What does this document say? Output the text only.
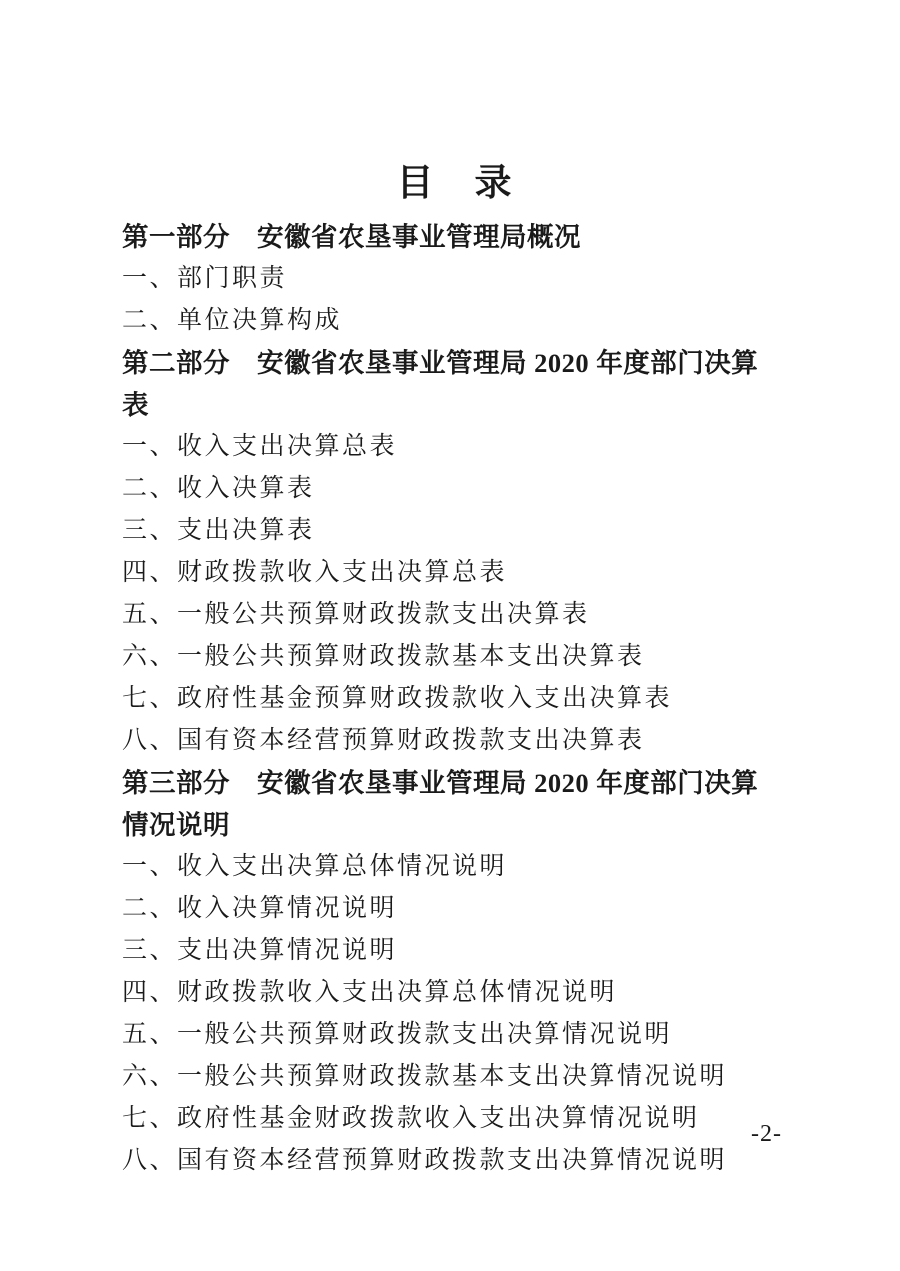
目　录
第一部分　安徽省农垦事业管理局概况
一、部门职责
二、单位决算构成
第二部分　安徽省农垦事业管理局 2020 年度部门决算表
一、收入支出决算总表
二、收入决算表
三、支出决算表
四、财政拨款收入支出决算总表
五、一般公共预算财政拨款支出决算表
六、一般公共预算财政拨款基本支出决算表
七、政府性基金预算财政拨款收入支出决算表
八、国有资本经营预算财政拨款支出决算表
第三部分　安徽省农垦事业管理局 2020 年度部门决算情况说明
一、收入支出决算总体情况说明
二、收入决算情况说明
三、支出决算情况说明
四、财政拨款收入支出决算总体情况说明
五、一般公共预算财政拨款支出决算情况说明
六、一般公共预算财政拨款基本支出决算情况说明
七、政府性基金财政拨款收入支出决算情况说明
八、国有资本经营预算财政拨款支出决算情况说明
-2-
